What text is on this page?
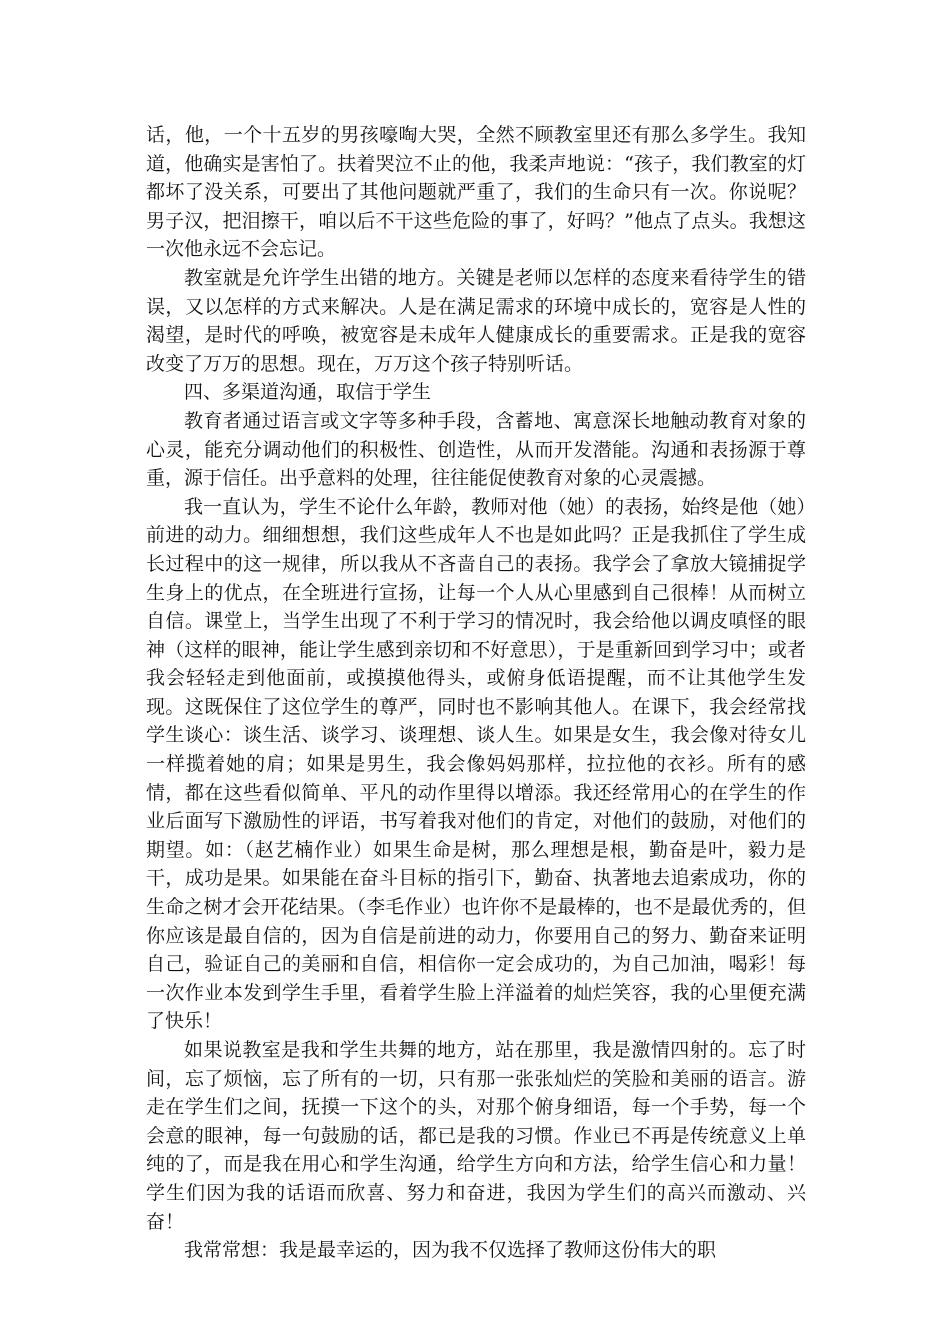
话，他，一个十五岁的男孩嚎啕大哭，全然不顾教室里还有那么多学生。我知道，他确实是害怕了。扶着哭泣不止的他，我柔声地说：“孩子，我们教室的灯都坏了没关系，可要出了其他问题就严重了，我们的生命只有一次。你说呢？男子汉，把泪擦干，咱以后不干这些危险的事了，好吗？”他点了点头。我想这一次他永远不会忘记。

教室就是允许学生出错的地方。关键是老师以怎样的态度来看待学生的错误，又以怎样的方式来解决。人是在满足需求的环境中成长的，宽容是人性的渴望，是时代的呼唤，被宽容是未成年人健康成长的重要需求。正是我的宽容改变了万万的思想。现在，万万这个孩子特别听话。

四、多渠道沟通，取信于学生

教育者通过语言或文字等多种手段，含蓄地、寓意深长地触动教育对象的心灵，能充分调动他们的积极性、创造性，从而开发潜能。沟通和表扬源于尊重，源于信任。出乎意料的处理，往往能促使教育对象的心灵震撼。

我一直认为，学生不论什么年龄，教师对他（她）的表扬，始终是他（她）前进的动力。细细想想，我们这些成年人不也是如此吗？正是我抓住了学生成长过程中的这一规律，所以我从不吝啬自己的表扬。我学会了拿放大镜捕捉学生身上的优点，在全班进行宣扬，让每一个人从心里感到自己很棒！从而树立自信。课堂上，当学生出现了不利于学习的情况时，我会给他以调皮嗔怪的眼神（这样的眼神，能让学生感到亲切和不好意思），于是重新回到学习中；或者我会轻轻走到他面前，或摸摸他得头，或俯身低语提醒，而不让其他学生发现。这既保住了这位学生的尊严，同时也不影响其他人。在课下，我会经常找学生谈心：谈生活、谈学习、谈理想、谈人生。如果是女生，我会像对待女儿一样揽着她的肩；如果是男生，我会像妈妈那样，拉拉他的衣衫。所有的感情，都在这些看似简单、平凡的动作里得以增添。我还经常用心的在学生的作业后面写下激励性的评语，书写着我对他们的肯定，对他们的鼓励，对他们的期望。如：（赵艺楠作业）如果生命是树，那么理想是根，勤奋是叶，毅力是干，成功是果。如果能在奋斗目标的指引下，勤奋、执著地去追索成功，你的生命之树才会开花结果。（李毛作业）也许你不是最棒的，也不是最优秀的，但你应该是最自信的，因为自信是前进的动力，你要用自己的努力、勤奋来证明自己，验证自己的美丽和自信，相信你一定会成功的，为自己加油，喝彩！每一次作业本发到学生手里，看着学生脸上洋溢着的灿烂笑容，我的心里便充满了快乐！

如果说教室是我和学生共舞的地方，站在那里，我是激情四射的。忘了时间，忘了烦恼，忘了所有的一切，只有那一张张灿烂的笑脸和美丽的语言。游走在学生们之间，抚摸一下这个的头，对那个俯身细语，每一个手势，每一个会意的眼神，每一句鼓励的话，都已是我的习惯。作业已不再是传统意义上单纯的了，而是我在用心和学生沟通，给学生方向和方法，给学生信心和力量！学生们因为我的话语而欣喜、努力和奋进，我因为学生们的高兴而激动、兴奋！

我常常想：我是最幸运的，因为我不仅选择了教师这份伟大的职
